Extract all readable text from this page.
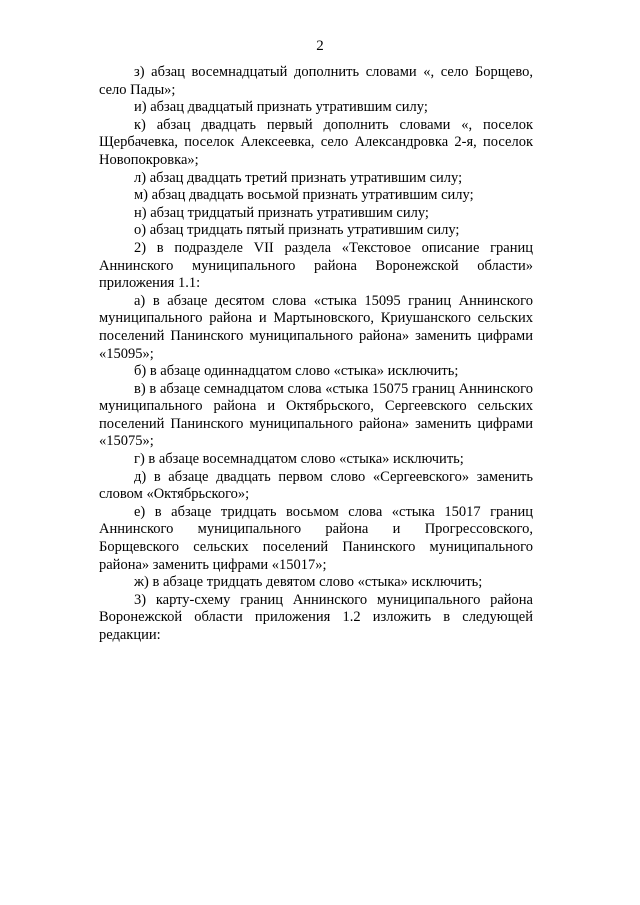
2

з) абзац восемнадцатый дополнить словами «, село Борщево, село Пады»;

и) абзац двадцатый признать утратившим силу;

к) абзац двадцать первый дополнить словами «, поселок Щербачевка, поселок Алексеевка, село Александровка 2-я, поселок Новопокровка»;

л) абзац двадцать третий признать утратившим силу;

м) абзац двадцать восьмой признать утратившим силу;

н) абзац тридцатый признать утратившим силу;

о) абзац тридцать пятый признать утратившим силу;

2) в подразделе VII раздела «Текстовое описание границ Аннинского муниципального района Воронежской области» приложения 1.1:

а) в абзаце десятом слова «стыка 15095 границ Аннинского муниципального района и Мартыновского, Криушанского сельских поселений Панинского муниципального района» заменить цифрами «15095»;

б) в абзаце одиннадцатом слово «стыка» исключить;

в) в абзаце семнадцатом слова «стыка 15075 границ Аннинского муниципального района и Октябрьского, Сергеевского сельских поселений Панинского муниципального района» заменить цифрами «15075»;

г) в абзаце восемнадцатом слово «стыка» исключить;

д) в абзаце двадцать первом слово «Сергеевского» заменить словом «Октябрьского»;

е) в абзаце тридцать восьмом слова «стыка 15017 границ Аннинского муниципального района и Прогрессовского, Борщевского сельских поселений Панинского муниципального района» заменить цифрами «15017»;

ж) в абзаце тридцать девятом слово «стыка» исключить;

3) карту-схему границ Аннинского муниципального района Воронежской области приложения 1.2 изложить в следующей редакции:
